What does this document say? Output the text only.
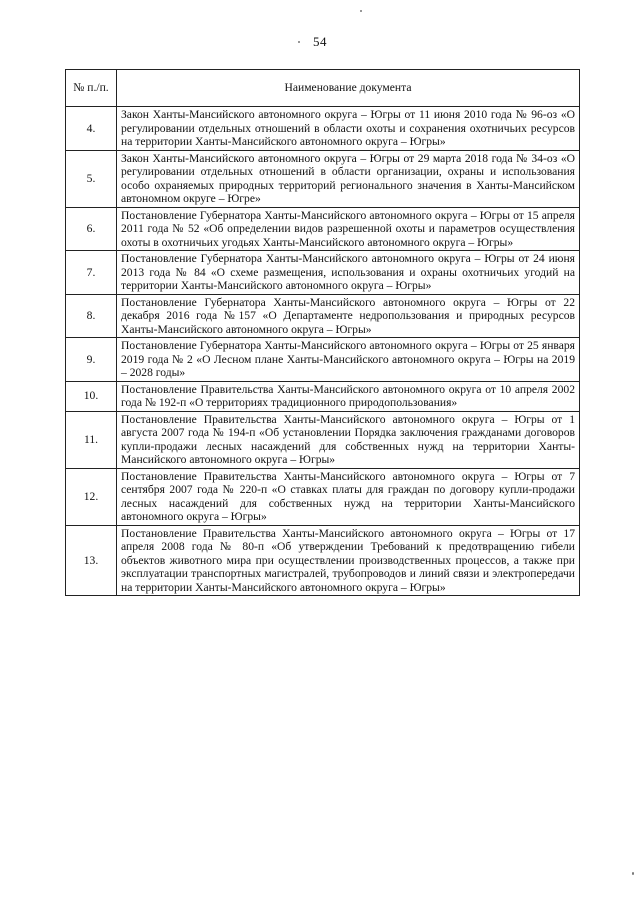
54
№ п./п.	Наименование документа
4.	Закон Ханты-Мансийского автономного округа – Югры от 11 июня 2010 года № 96-оз «О регулировании отдельных отношений в области охоты и сохранения охотничьих ресурсов на территории Ханты-Мансийского автономного округа – Югры»
5.	Закон Ханты-Мансийского автономного округа – Югры от 29 марта 2018 года № 34-оз «О регулировании отдельных отношений в области организации, охраны и использования особо охраняемых природных территорий регионального значения в Ханты-Мансийском автономном округе – Югре»
6.	Постановление Губернатора Ханты-Мансийского автономного округа – Югры от 15 апреля 2011 года № 52 «Об определении видов разрешенной охоты и параметров осуществления охоты в охотничьих угодьях Ханты-Мансийского автономного округа – Югры»
7.	Постановление Губернатора Ханты-Мансийского автономного округа – Югры от 24 июня 2013 года № 84 «О схеме размещения, использования и охраны охотничьих угодий на территории Ханты-Мансийского автономного округа – Югры»
8.	Постановление Губернатора Ханты-Мансийского автономного округа – Югры от 22 декабря 2016 года №157 «О Департаменте недропользования и природных ресурсов Ханты-Мансийского автономного округа – Югры»
9.	Постановление Губернатора Ханты-Мансийского автономного округа – Югры от 25 января 2019 года № 2 «О Лесном плане Ханты-Мансийского автономного округа – Югры на 2019 – 2028 годы»
10.	Постановление Правительства Ханты-Мансийского автономного округа от 10 апреля 2002 года № 192-п «О территориях традиционного природопользования»
11.	Постановление Правительства Ханты-Мансийского автономного округа – Югры от 1 августа 2007 года № 194-п «Об установлении Порядка заключения гражданами договоров купли-продажи лесных насаждений для собственных нужд на территории Ханты-Мансийского автономного округа – Югры»
12.	Постановление Правительства Ханты-Мансийского автономного округа – Югры от 7 сентября 2007 года № 220-п «О ставках платы для граждан по договору купли-продажи лесных насаждений для собственных нужд на территории Ханты-Мансийского автономного округа – Югры»
13.	Постановление Правительства Ханты-Мансийского автономного округа – Югры от 17 апреля 2008 года № 80-п «Об утверждении Требований к предотвращению гибели объектов животного мира при осуществлении производственных процессов, а также при эксплуатации транспортных магистралей, трубопроводов и линий связи и электропередачи на территории Ханты-Мансийского автономного округа – Югры»
